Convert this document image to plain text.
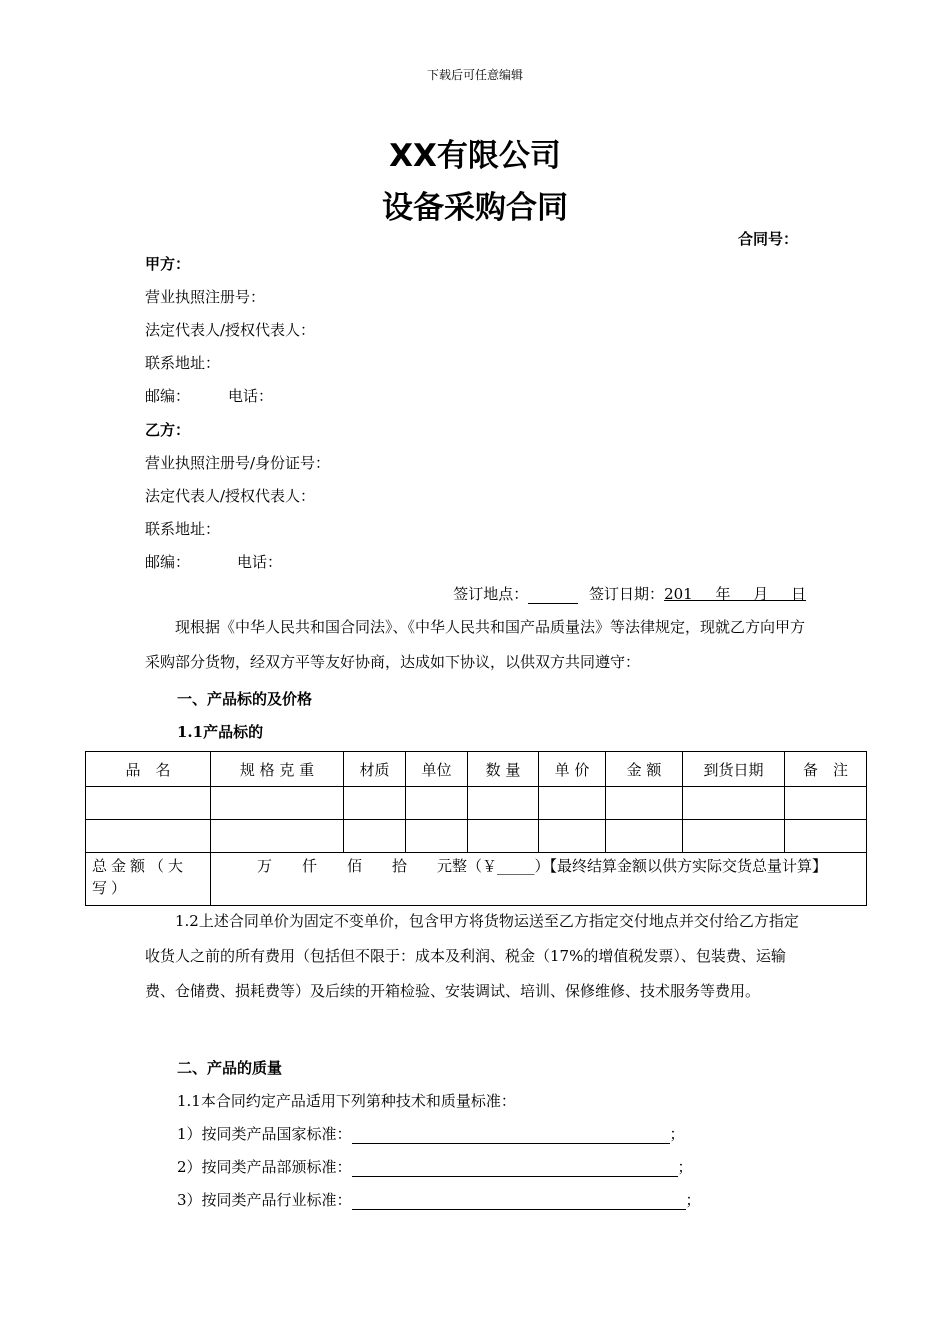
下载后可任意编辑
XX有限公司
设备采购合同
合同号：
甲方：
营业执照注册号：
法定代表人/授权代表人：
联系地址：
邮编：	电话：
乙方：
营业执照注册号/身份证号：
法定代表人/授权代表人：
联系地址：
邮编：	电话：
签订地点：	签订日期：201 年 月 日
现根据《中华人民共和国合同法》、《中华人民共和国产品质量法》等法律规定，现就乙方向甲方采购部分货物，经双方平等友好协商，达成如下协议，以供双方共同遵守：
一、产品标的及价格
1.1产品标的
品　名	规 格 克 重	材质	单位	数 量	单 价	金 额	到货日期	备　注

总金额（大写）	万　　仟　　佰　　拾　　元整（￥_____）【最终结算金额以供方实际交货总量计算】							
1.2上述合同单价为固定不变单价，包含甲方将货物运送至乙方指定交付地点并交付给乙方指定收货人之前的所有费用（包括但不限于：成本及利润、税金（17%的增值税发票）、包装费、运输费、仓储费、损耗费等）及后续的开箱检验、安装调试、培训、保修维修、技术服务等费用。
二、产品的质量
1.1本合同约定产品适用下列第种技术和质量标准：
1）按同类产品国家标准：	；
2）按同类产品部颁标准：	；
3）按同类产品行业标准：	；
